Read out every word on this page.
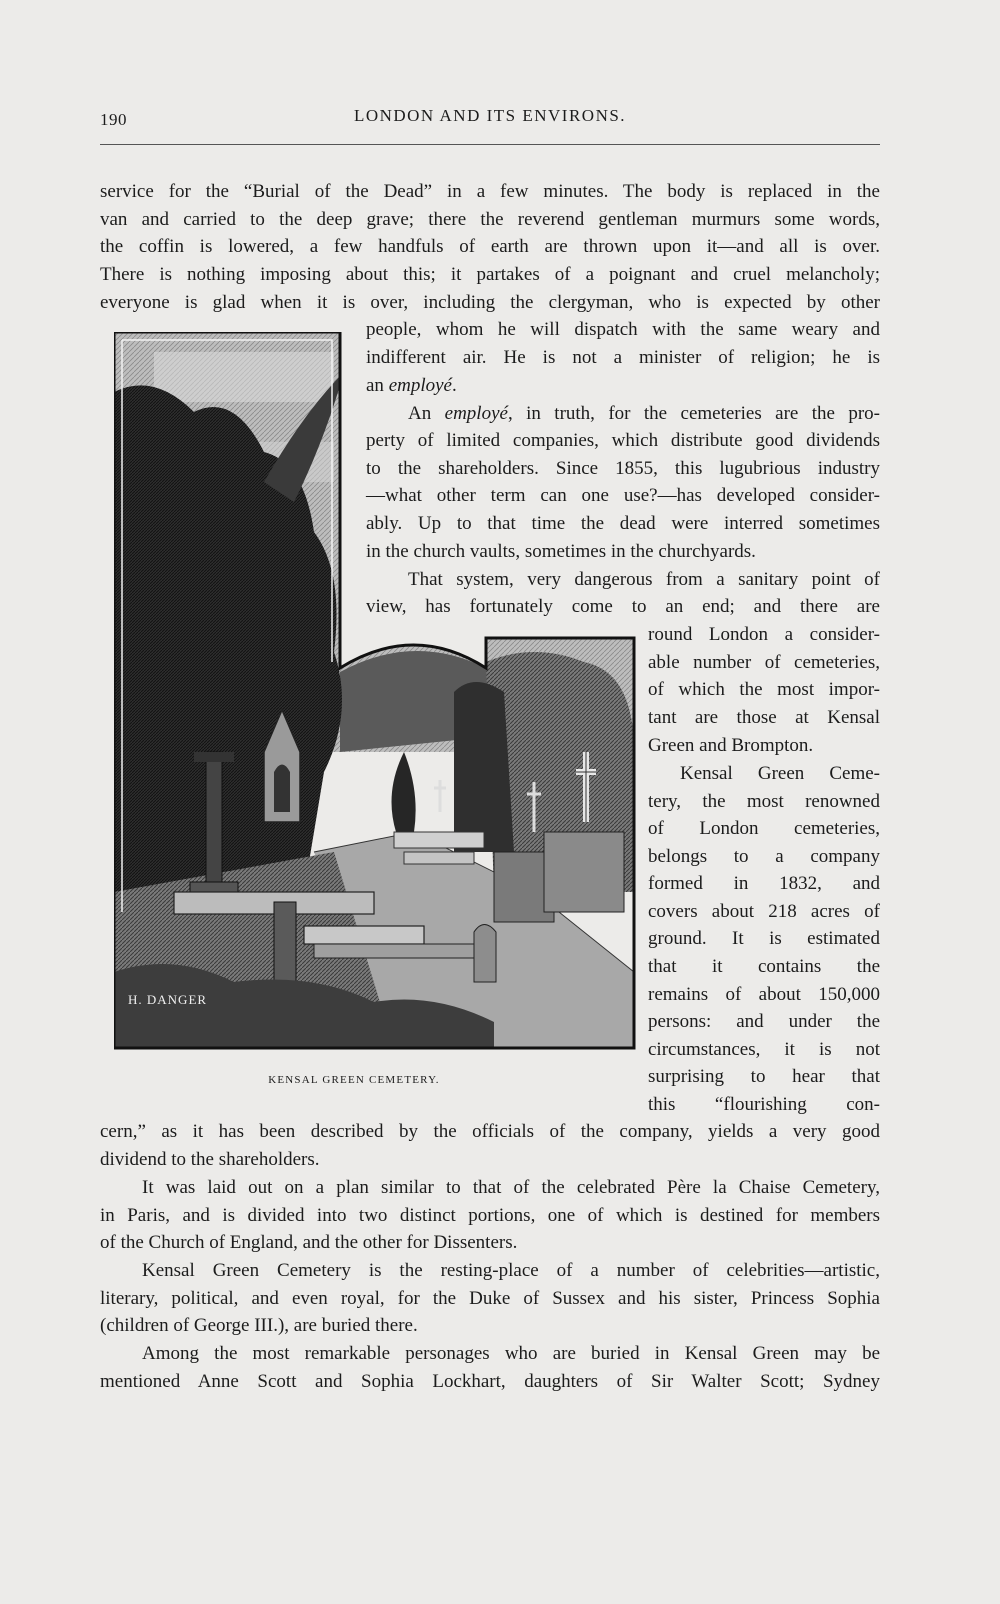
190	LONDON AND ITS ENVIRONS.
service for the “Burial of the Dead” in a few minutes. The body is replaced in the
van and carried to the deep grave; there the reverend gentleman murmurs some words,
the coffin is lowered, a few handfuls of earth are thrown upon it—and all is over.
There is nothing imposing about this; it partakes of a poignant and cruel melancholy;
everyone is glad when it is over, including the clergyman, who is expected by other
people, whom he will dispatch with the same weary and
indifferent air. He is not a minister of religion; he is
an employé.
An employé, in truth, for the cemeteries are the pro-
perty of limited companies, which distribute good dividends
to the shareholders. Since 1855, this lugubrious industry
—what other term can one use?—has developed consider-
ably. Up to that time the dead were interred sometimes
in the church vaults, sometimes in the churchyards.
That system, very dangerous from a sanitary point of
view, has fortunately come to an end; and there are
round London a consider-
able number of cemeteries,
of which the most impor-
tant are those at Kensal
Green and Brompton.
Kensal Green Ceme-
tery, the most renowned
of London cemeteries,
belongs to a company
formed in 1832, and
covers about 218 acres of
ground. It is estimated
that it contains the
remains of about 150,000
persons: and under the
circumstances, it is not
surprising to hear that
this “flourishing con-
cern,” as it has been described by the officials of the company, yields a very good
dividend to the shareholders.
It was laid out on a plan similar to that of the celebrated Père la Chaise Cemetery,
in Paris, and is divided into two distinct portions, one of which is destined for members
of the Church of England, and the other for Dissenters.
Kensal Green Cemetery is the resting-place of a number of celebrities—artistic,
literary, political, and even royal, for the Duke of Sussex and his sister, Princess Sophia
(children of George III.), are buried there.
Among the most remarkable personages who are buried in Kensal Green may be
mentioned Anne Scott and Sophia Lockhart, daughters of Sir Walter Scott; Sydney
H. DANGER
KENSAL GREEN CEMETERY.
